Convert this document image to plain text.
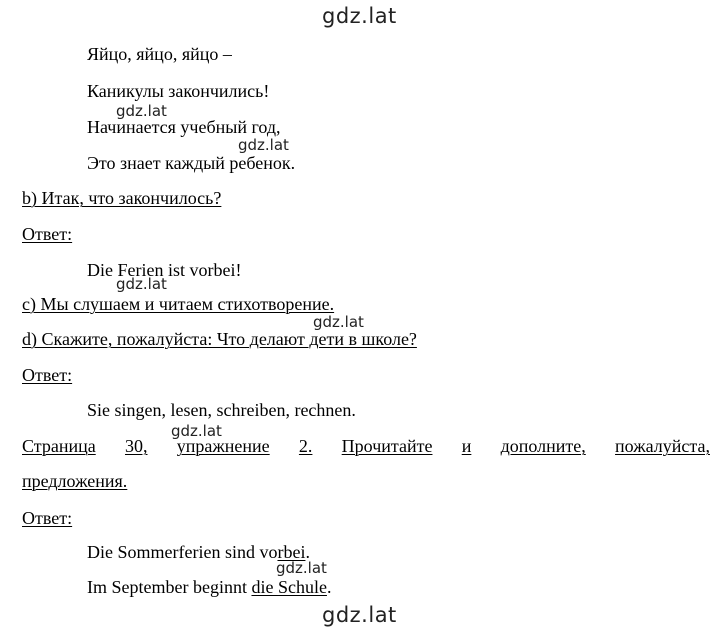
gdz.lat
gdz.lat
gdz.lat
gdz.lat
gdz.lat
gdz.lat
gdz.lat
gdz.lat
Яйцо, яйцо, яйцо –
Каникулы закончились!
Начинается учебный год,
Это знает каждый ребенок.
b) Итак, что закончилось?
Ответ:
Die Ferien ist vorbei!
с) Мы слушаем и читаем стихотворение.
d) Скажите, пожалуйста: Что делают дети в школе?
Ответ:
Sie singen, lesen, schreiben, rechnen.
Страница 30, упражнение 2. Прочитайте и дополните, пожалуйста,
предложения.
Ответ:
Die Sommerferien sind vorbei.
Im September beginnt die Schule.
